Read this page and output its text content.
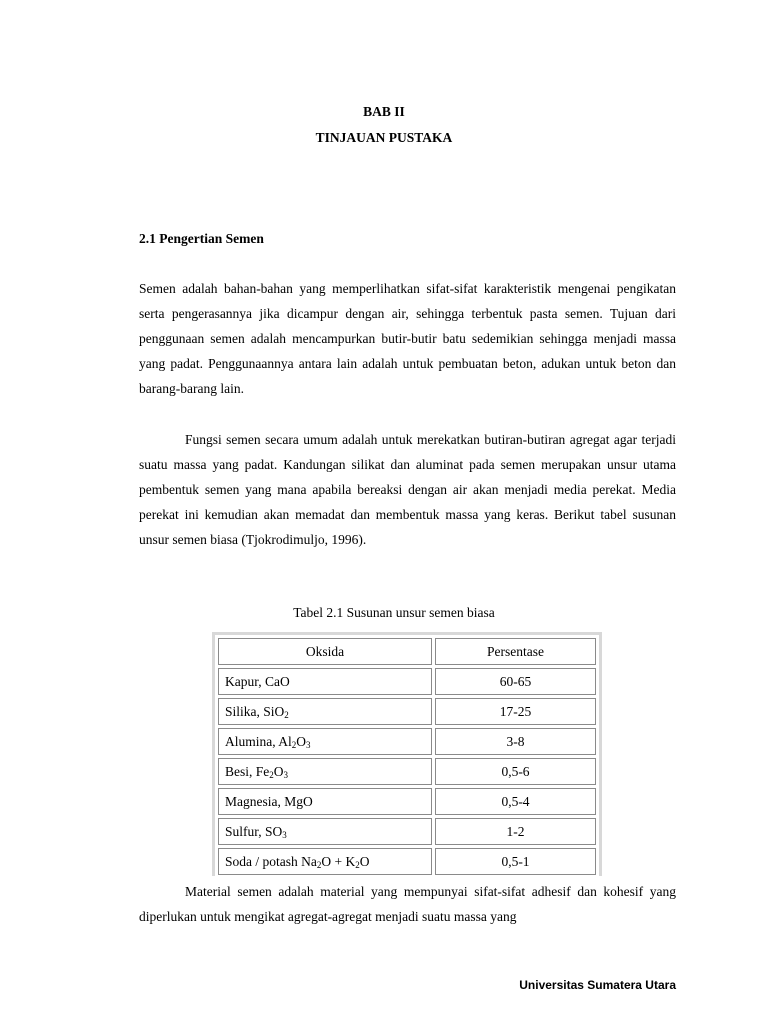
BAB II
TINJAUAN PUSTAKA
2.1 Pengertian Semen

Semen adalah bahan-bahan yang memperlihatkan sifat-sifat karakteristik mengenai pengikatan serta pengerasannya jika dicampur dengan air, sehingga terbentuk pasta semen. Tujuan dari penggunaan semen adalah mencampurkan butir-butir batu sedemikian sehingga menjadi massa yang padat. Penggunaannya antara lain adalah untuk pembuatan beton, adukan untuk beton dan barang-barang lain.

Fungsi semen secara umum adalah untuk merekatkan butiran-butiran agregat agar terjadi suatu massa yang padat. Kandungan silikat dan aluminat pada semen merupakan unsur utama pembentuk semen yang mana apabila bereaksi dengan air akan menjadi media perekat. Media perekat ini kemudian akan memadat dan membentuk massa yang keras. Berikut tabel susunan unsur semen biasa (Tjokrodimuljo, 1996).

Tabel 2.1 Susunan unsur semen biasa
Oksida	Persentase
Kapur, CaO	60-65
Silika, SiO$_2$	17-25
Alumina, $Al_2O_3$	3-8
Besi, $Fe_2O_3$	0,5-6
Magnesia, MgO	0,5-4
Sulfur, $SO_3$	1-2
Soda / potash $Na_2O + K_2O$	0,5-1

Material semen adalah material yang mempunyai sifat-sifat adhesif dan kohesif yang diperlukan untuk mengikat agregat-agregat menjadi suatu massa yang

Universitas Sumatera Utara
